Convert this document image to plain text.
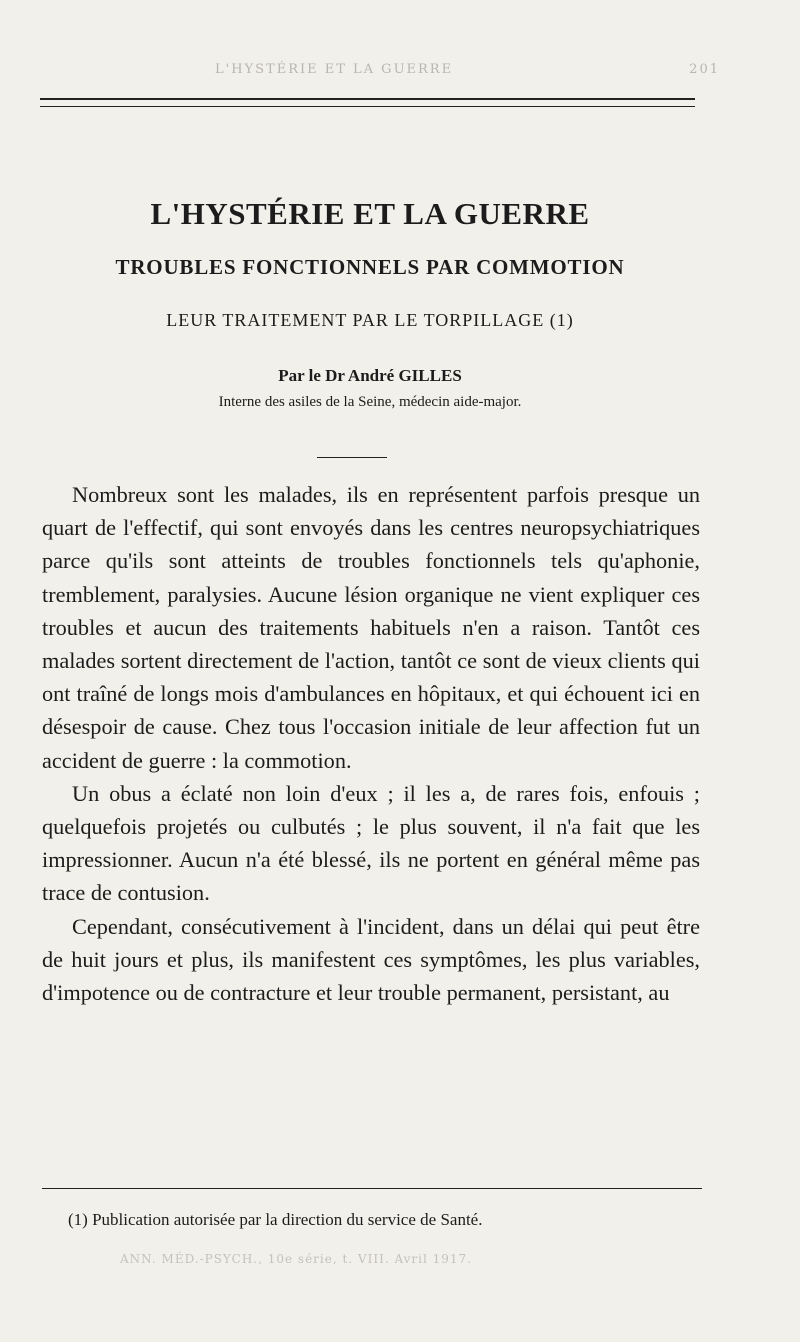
L'HYSTÉRIE ET LA GUERRE	201
L'HYSTÉRIE ET LA GUERRE
TROUBLES FONCTIONNELS PAR COMMOTION
LEUR TRAITEMENT PAR LE TORPILLAGE (1)
Par le Dr André GILLES
Interne des asiles de la Seine, médecin aide-major.

Nombreux sont les malades, ils en représentent parfois presque un quart de l'effectif, qui sont envoyés dans les centres neuropsychiatriques parce qu'ils sont atteints de troubles fonctionnels tels qu'aphonie, tremblement, paralysies. Aucune lésion organique ne vient expliquer ces troubles et aucun des traitements habituels n'en a raison. Tantôt ces malades sortent directement de l'action, tantôt ce sont de vieux clients qui ont traîné de longs mois d'ambulances en hôpitaux, et qui échouent ici en désespoir de cause. Chez tous l'occasion initiale de leur affection fut un accident de guerre : la commotion.

Un obus a éclaté non loin d'eux ; il les a, de rares fois, enfouis ; quelquefois projetés ou culbutés ; le plus souvent, il n'a fait que les impressionner. Aucun n'a été blessé, ils ne portent en général même pas trace de contusion.

Cependant, consécutivement à l'incident, dans un délai qui peut être de huit jours et plus, ils manifestent ces symptômes, les plus variables, d'impotence ou de contracture et leur trouble permanent, persistant, au

(1) Publication autorisée par la direction du service de Santé.
ANN. MÉD.-PSYCH., 10e série, t. VIII. Avril 1917.
